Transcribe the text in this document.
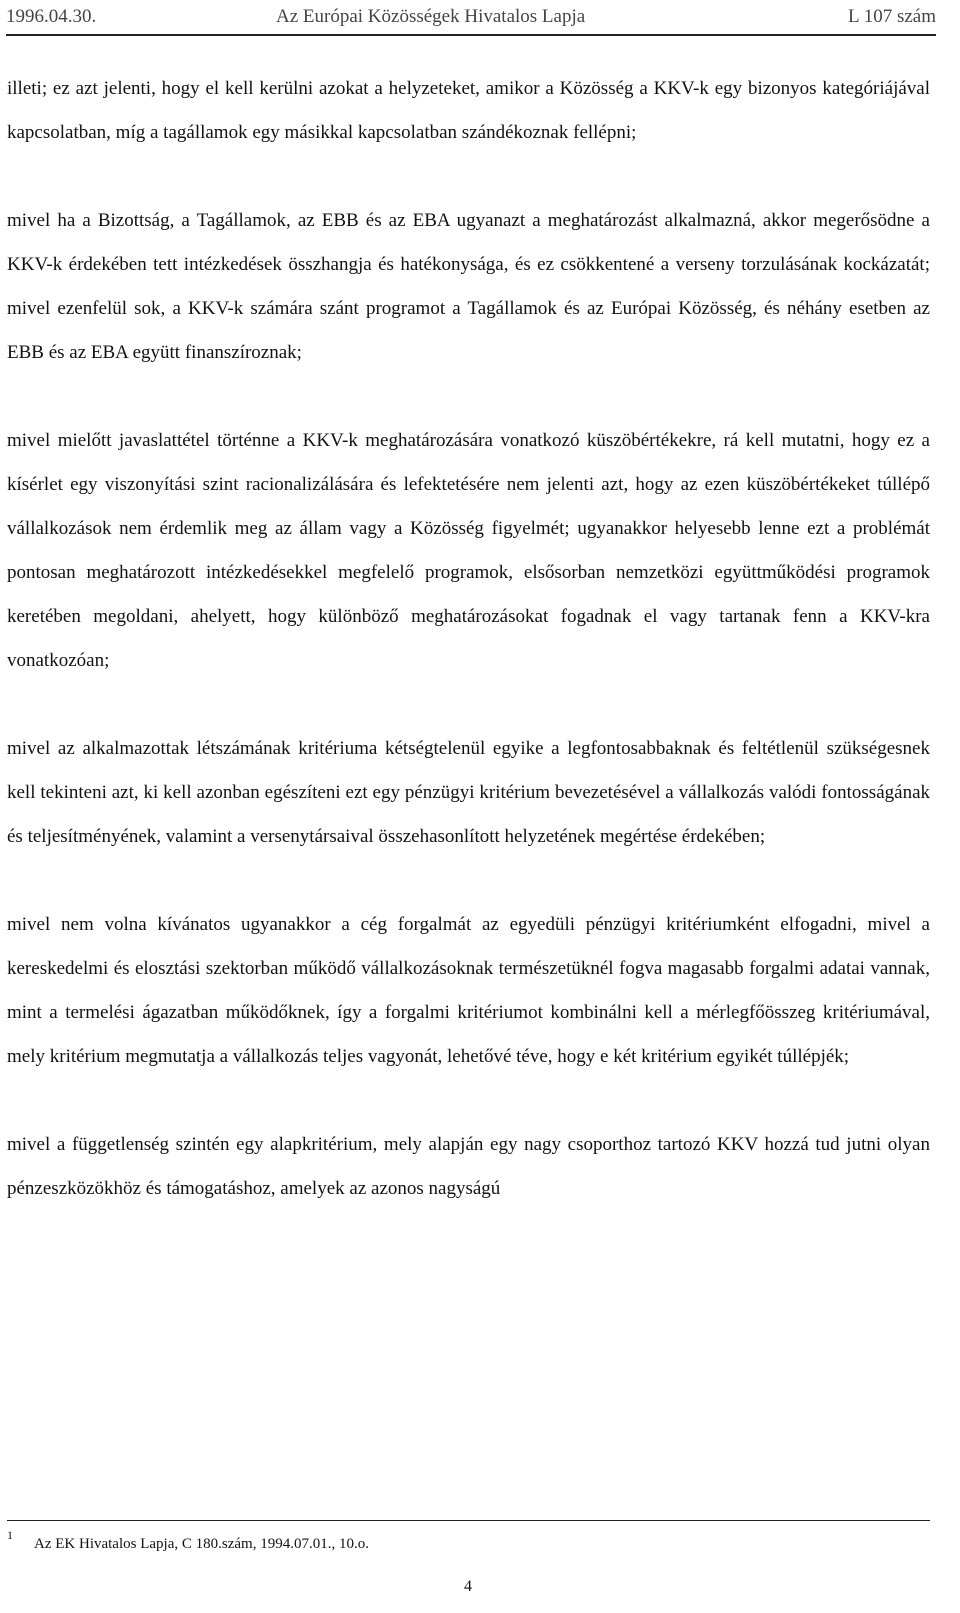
1996.04.30.	Az Európai Közösségek Hivatalos Lapja	L 107 szám

illeti; ez azt jelenti, hogy el kell kerülni azokat a helyzeteket, amikor a Közösség a KKV-k egy bizonyos kategóriájával kapcsolatban, míg a tagállamok egy másikkal kapcsolatban szándékoznak fellépni;

mivel ha a Bizottság, a Tagállamok, az EBB és az EBA ugyanazt a meghatározást alkalmazná, akkor megerősödne a KKV-k érdekében tett intézkedések összhangja és hatékonysága, és ez csökkentené a verseny torzulásának kockázatát; mivel ezenfelül sok, a KKV-k számára szánt programot a Tagállamok és az Európai Közösség, és néhány esetben az EBB és az EBA együtt finanszíroznak;

mivel mielőtt javaslattétel történne a KKV-k meghatározására vonatkozó küszöbértékekre, rá kell mutatni, hogy ez a kísérlet egy viszonyítási szint racionalizálására és lefektetésére nem jelenti azt, hogy az ezen küszöbértékeket túllépő vállalkozások nem érdemlik meg az állam vagy a Közösség figyelmét; ugyanakkor helyesebb lenne ezt a problémát pontosan meghatározott intézkedésekkel megfelelő programok, elsősorban nemzetközi együttműködési programok keretében megoldani, ahelyett, hogy különböző meghatározásokat fogadnak el vagy tartanak fenn a KKV-kra vonatkozóan;

mivel az alkalmazottak létszámának kritériuma kétségtelenül egyike a legfontosabbaknak és feltétlenül szükségesnek kell tekinteni azt, ki kell azonban egészíteni ezt egy pénzügyi kritérium bevezetésével a vállalkozás valódi fontosságának és teljesítményének, valamint a versenytársaival összehasonlított helyzetének megértése érdekében;

mivel nem volna kívánatos ugyanakkor a cég forgalmát az egyedüli pénzügyi kritériumként elfogadni, mivel a kereskedelmi és elosztási szektorban működő vállalkozásoknak természetüknél fogva magasabb forgalmi adatai vannak, mint a termelési ágazatban működőknek, így a forgalmi kritériumot kombinálni kell a mérlegfőösszeg kritériumával, mely kritérium megmutatja a vállalkozás teljes vagyonát, lehetővé téve, hogy e két kritérium egyikét túllépjék;

mivel a függetlenség szintén egy alapkritérium, mely alapján egy nagy csoporthoz tartozó KKV hozzá tud jutni olyan pénzeszközökhöz és támogatáshoz, amelyek az azonos nagyságú

1
Az EK Hivatalos Lapja, C 180.szám, 1994.07.01., 10.o.
4
